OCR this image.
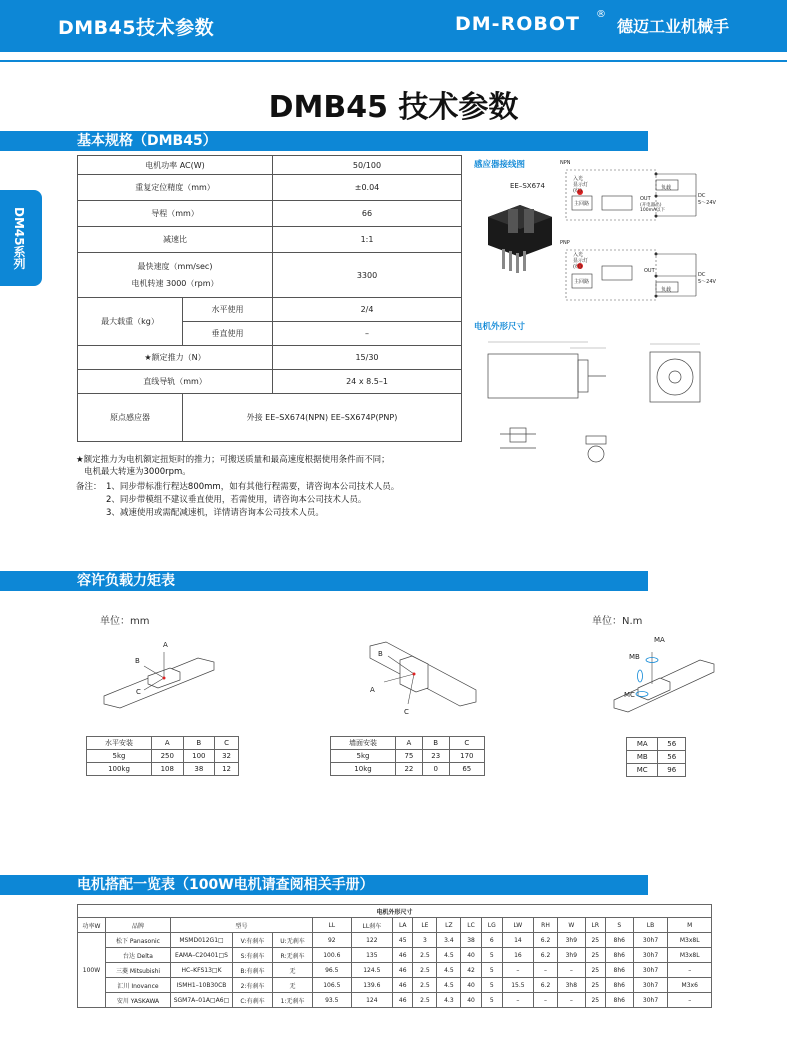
DMB45技术参数	DM-ROBOT ®
德迈工业机械手
DMB45 技术参数
DM45系列
基本规格（DMB45）
电机功率 AC(W)		50/100
重复定位精度（mm）		±0.04
导程（mm）		66
减速比		1:1

最快速度（mm/sec)
电机转速 3000（rpm）		3300
最大载重（kg）	水平使用	2/4
	垂直使用	–
★额定推力（N）		15/30
直线导轨（mm）		24 x 8.5–1
原点感应器	外接 EE–SX674(NPN) EE–SX674P(PNP)	
★额定推力为电机额定扭矩时的推力；可搬送质量和最高速度根据使用条件而不同；
电机最大转速为3000rpm。
备注： 1、同步带标准行程达800mm，如有其他行程需要，请咨询本公司技术人员。
2、同步带模组不建议垂直使用，若需使用，请咨询本公司技术人员。
3、减速使用或需配减速机，详情请咨询本公司技术人员。
感应器接线图
EE–SX674
NPN
入光
显示灯
(红)
主回路
负载
OUT
(开电器出)
100mA以下
DC
5～24V
PNP
入光
显示灯
(红)
主回路
负载
OUT
DC
5～24V
电机外形尺寸
容许负载力矩表
单位：mm	单位：N.m
A
B
C
B
A
C
MA
MB
MC
水平安装	A	B	C
5kg	250	100	32
100kg	108	38	12
墙面安装	A	B	C
5kg	75	23	170
10kg	22	0	65
MA	56
MB	56
MC	96
电机搭配一览表（100W电机请查阅相关手册）
电机外形尺寸																		
功率W	品牌	型号			LL	LL刹车	LA	LE	LZ	LC	LG	LW	RH	W	LR	S	LB	M
100W	松下 Panasonic	MSMD012G1□	V:有刹车	U:无刹车	92	122	45	3	3.4	38	6	14	6.2	3h9	25	8h6	30h7	M3x8L
	台达 Delta	EAMA–C20401□S	S:有刹车	R:无刹车	100.6	135	46	2.5	4.5	40	5	16	6.2	3h9	25	8h6	30h7	M3x8L
	三菱 Mitsubishi	HC–KFS13□K	B:有刹车	无	96.5	124.5	46	2.5	4.5	42	5	–	–	–	25	8h6	30h7	–
	汇川 Inovance	ISMH1–10B30CB	2:有刹车	无	106.5	139.6	46	2.5	4.5	40	5	15.5	6.2	3h8	25	8h6	30h7	M3x6
	安川 YASKAWA	SGM7A–01A□A6□	C:有刹车	1:无刹车	93.5	124	46	2.5	4.3	40	5	–	–	–	25	8h6	30h7	–
